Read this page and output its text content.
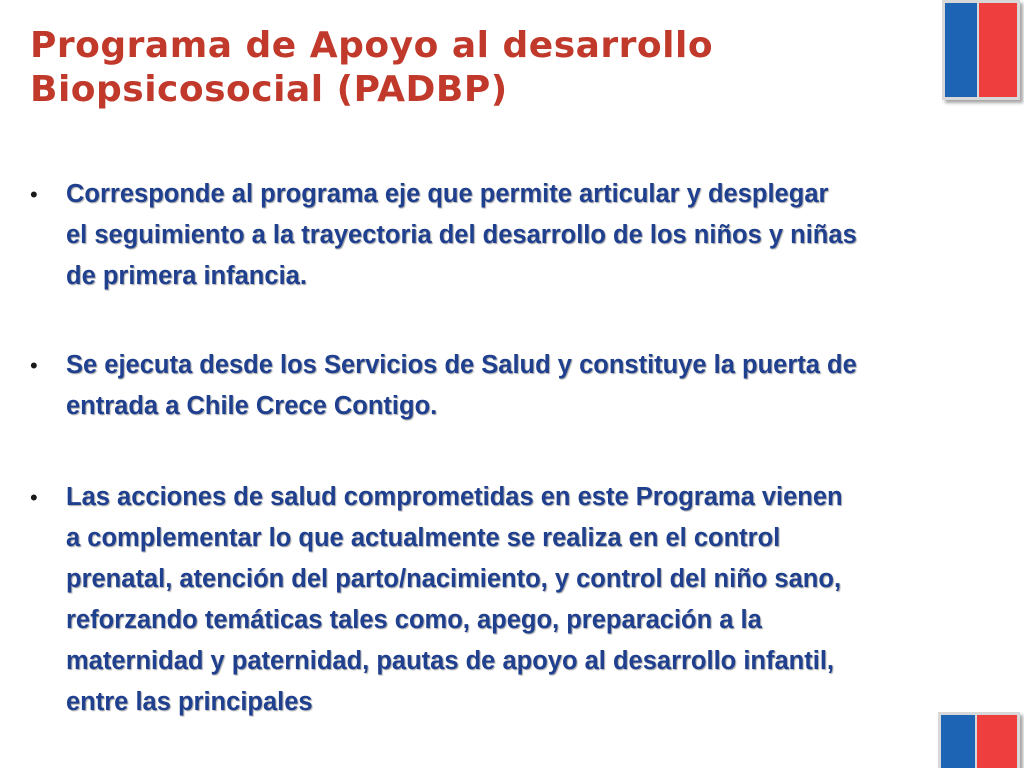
Programa de Apoyo al desarrollo
Biopsicosocial (PADBP)
• Corresponde al programa eje que permite articular y desplegar
el seguimiento a la trayectoria del desarrollo de los niños y niñas
de primera infancia.
• Se ejecuta desde los Servicios de Salud y constituye la puerta de
entrada a Chile Crece Contigo.
• Las acciones de salud comprometidas en este Programa vienen
a complementar lo que actualmente se realiza en el control
prenatal, atención del parto/nacimiento, y control del niño sano,
reforzando temáticas tales como, apego, preparación a la
maternidad y paternidad, pautas de apoyo al desarrollo infantil,
entre las principales
